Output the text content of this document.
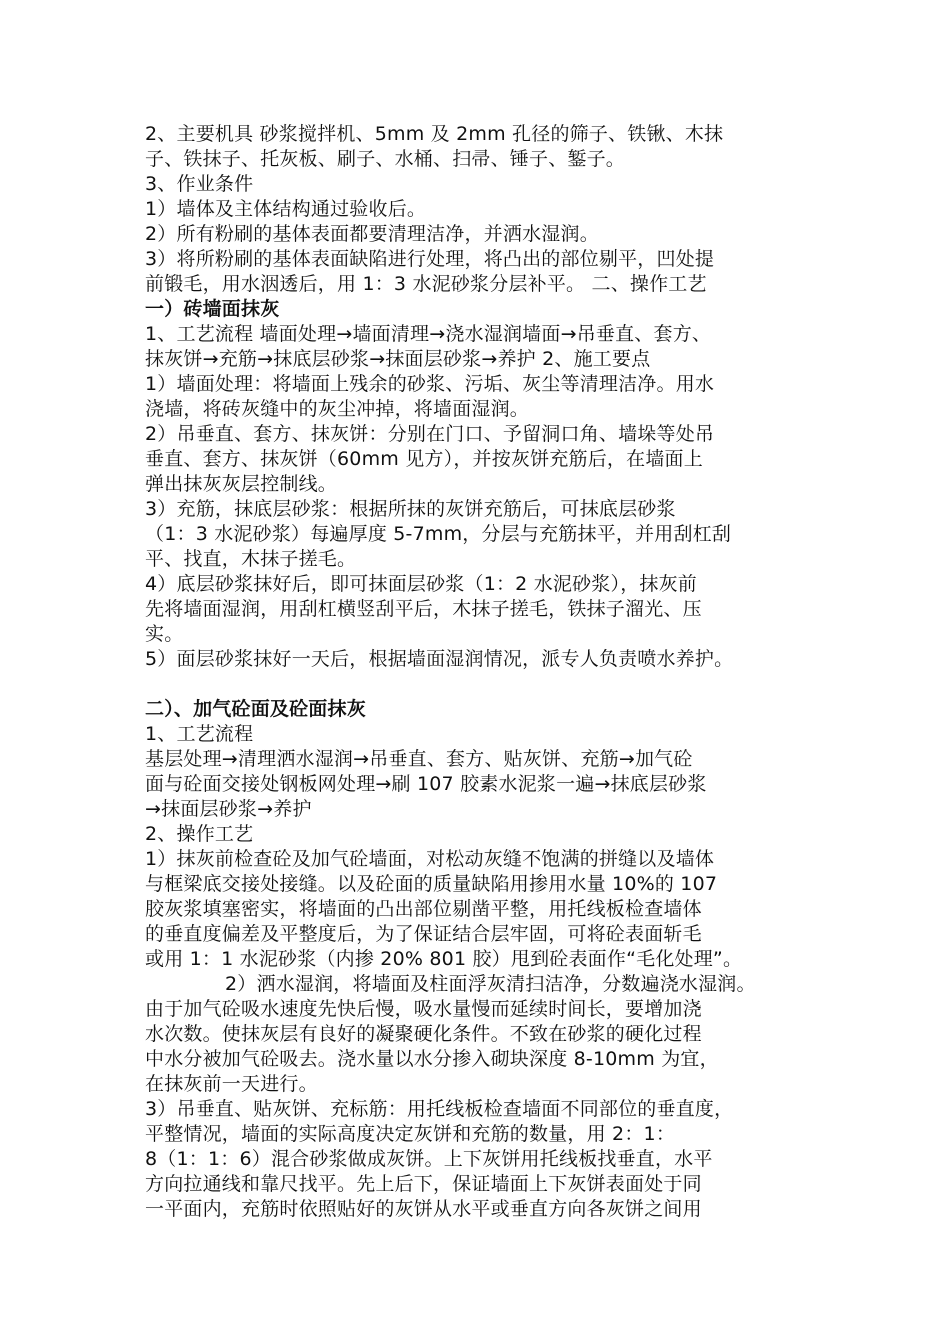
2、主要机具 砂浆搅拌机、5mm 及 2mm 孔径的筛子、铁锹、木抹

子、铁抹子、托灰板、刷子、水桶、扫帚、锤子、錾子。

3、作业条件

1）墙体及主体结构通过验收后。

2）所有粉刷的基体表面都要清理洁净，并洒水湿润。

3）将所粉刷的基体表面缺陷进行处理，将凸出的部位剔平，凹处提

前锻毛，用水洇透后，用 1：3 水泥砂浆分层补平。 二、操作工艺

一）砖墙面抹灰

1、工艺流程 墙面处理→墙面清理→浇水湿润墙面→吊垂直、套方、

抹灰饼→充筋→抹底层砂浆→抹面层砂浆→养护 2、施工要点

1）墙面处理：将墙面上残余的砂浆、污垢、灰尘等清理洁净。用水

浇墙，将砖灰缝中的灰尘冲掉，将墙面湿润。

2）吊垂直、套方、抹灰饼：分别在门口、予留洞口角、墙垛等处吊

垂直、套方、抹灰饼（60mm 见方），并按灰饼充筋后，在墙面上

弹出抹灰灰层控制线。

3）充筋，抹底层砂浆：根据所抹的灰饼充筋后，可抹底层砂浆

（1：3 水泥砂浆）每遍厚度 5-7mm，分层与充筋抹平，并用刮杠刮

平、找直，木抹子搓毛。

4）底层砂浆抹好后，即可抹面层砂浆（1：2 水泥砂浆），抹灰前

先将墙面湿润，用刮杠横竖刮平后，木抹子搓毛，铁抹子溜光、压

实。

5）面层砂浆抹好一天后，根据墙面湿润情况，派专人负责喷水养护。

二）、加气砼面及砼面抹灰

1、工艺流程

基层处理→清理洒水湿润→吊垂直、套方、贴灰饼、充筋→加气砼

面与砼面交接处钢板网处理→刷 107 胶素水泥浆一遍→抹底层砂浆

→抹面层砂浆→养护

2、操作工艺

1）抹灰前检查砼及加气砼墙面，对松动灰缝不饱满的拼缝以及墙体

与框梁底交接处接缝。以及砼面的质量缺陷用掺用水量 10%的 107

胶灰浆填塞密实，将墙面的凸出部位剔凿平整，用托线板检查墙体

的垂直度偏差及平整度后，为了保证结合层牢固，可将砼表面斩毛

或用 1：1 水泥砂浆（内掺 20% 801 胶）甩到砼表面作“毛化处理”。

2）洒水湿润，将墙面及柱面浮灰清扫洁净，分数遍浇水湿润。

由于加气砼吸水速度先快后慢，吸水量慢而延续时间长，要增加浇

水次数。使抹灰层有良好的凝聚硬化条件。不致在砂浆的硬化过程

中水分被加气砼吸去。浇水量以水分掺入砌块深度 8-10mm 为宜，

在抹灰前一天进行。

3）吊垂直、贴灰饼、充标筋：用托线板检查墙面不同部位的垂直度，

平整情况，墙面的实际高度决定灰饼和充筋的数量，用 2：1：

8（1：1：6）混合砂浆做成灰饼。上下灰饼用托线板找垂直，水平

方向拉通线和靠尺找平。先上后下，保证墙面上下灰饼表面处于同

一平面内，充筋时依照贴好的灰饼从水平或垂直方向各灰饼之间用
